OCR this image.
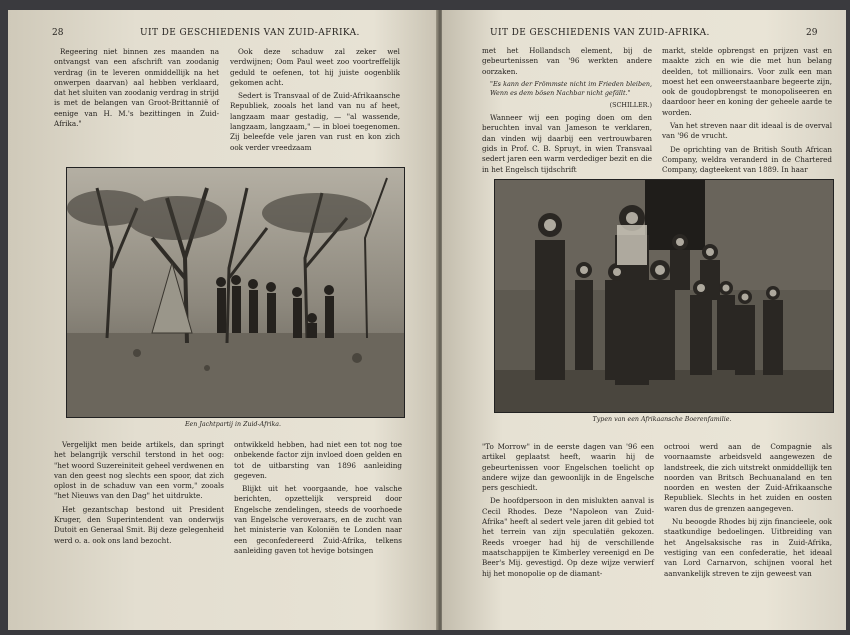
28	UIT DE GESCHIEDENIS VAN ZUID-AFRIKA.

Regeering niet binnen zes maanden na ontvangst van een afschrift van zoodanig verdrag (in te leveren onmiddellijk na het onwerpen daarvan) aal hebben verklaard, dat het sluiten van zoodanig verdrag in strijd is met de belangen van Groot-Brittannië of eenige van H. M.'s bezittingen in Zuid-Afrika."

Ook deze schaduw zal zeker wel verdwijnen; Oom Paul weet zoo voortreffelijk geduld te oefenen, tot hij juiste oogenblik gekomen acht.

Sedert is Transvaal of de Zuid-Afrikaansche Republiek, zooals het land van nu af heet, langzaam maar gestadig, — "al wassende, langzaam, langzaam," — in bloei toegenomen. Zij beleefde vele jaren van rust en kon zich ook verder vreedzaam

Een Jachtpartij in Zuid-Afrika.

Vergelijkt men beide artikels, dan springt het belangrijk verschil terstond in het oog: "het woord Suzereiniteit geheel verdwenen en van den geest nog slechts een spoor, dat zich oplost in de schaduw van een vorm," zooals "het Nieuws van den Dag" het uitdrukte.

Het gezantschap bestond uit President Kruger, den Superintendent van onderwijs Dutoit en Generaal Smit. Bij deze gelegenheid werd o. a. ook ons land bezocht.

ontwikkeld hebben, had niet een tot nog toe onbekende factor zijn invloed doen gelden en tot de uitbarsting van 1896 aanleiding gegeven.

Blijkt uit het voorgaande, hoe valsche berichten, opzettelijk verspreid door Engelsche zendelingen, steeds de voorhoede van Engelsche veroveraars, en de zucht van het ministerie van Koloniën te Londen naar een geconfedereerd Zuid-Afrika, telkens aanleiding gaven tot hevige botsingen

UIT DE GESCHIEDENIS VAN ZUID-AFRIKA.	29

met het Hollandsch element, bij de gebeurtenissen van '96 werkten andere oorzaken.

"Es kann der Frömmste nicht im Frieden bleiben, Wenn es dem bösen Nachbar nicht gefällt."
(SCHILLER.)

Wanneer wij een poging doen om den beruchten inval van Jameson te verklaren, dan vinden wij daarbij een vertrouwbaren gids in Prof. C. B. Spruyt, in wien Transvaal sedert jaren een warm verdediger bezit en die in het Engelsch tijdschrift

markt, stelde opbrengst en prijzen vast en maakte zich en wie die met hun belang deelden, tot millionairs. Voor zulk een man moest het een onweerstaanbare begeerte zijn, ook de goudopbrengst te monopoliseeren en daardoor heer en koning der geheele aarde te worden.

Van het streven naar dit ideaal is de overval van '96 de vrucht.

De oprichting van de British South African Company, weldra veranderd in de Chartered Company, dagteekent van 1889. In haar

Typen van een Afrikaansche Boerenfamilie.

"To Morrow" in de eerste dagen van '96 een artikel geplaatst heeft, waarin hij de gebeurtenissen voor Engelschen toelicht op andere wijze dan gewoonlijk in de Engelsche pers geschiedt.

De hoofdpersoon in den mislukten aanval is Cecil Rhodes. Deze "Napoleon van Zuid-Afrika" heeft al sedert vele jaren dit gebied tot het terrein van zijn speculatiën gekozen. Reeds vroeger had hij de verschillende maatschappijen te Kimberley vereenigd en De Beer's Mij. gevestigd. Op deze wijze verwierf hij het monopolie op de diamant-

octrooi werd aan de Compagnie als voornaamste arbeidsveld aangewezen de landstreek, die zich uitstrekt onmiddellijk ten noorden van Britsch Bechuanaland en ten noorden en westen der Zuid-Afrikaansche Republiek. Slechts in het zuiden en oosten waren dus de grenzen aangegeven.

Nu beoogde Rhodes bij zijn financieele, ook staatkundige bedoelingen. Uitbreiding van het Angelsaksische ras in Zuid-Afrika, vestiging van een confederatie, het ideaal van Lord Carnarvon, schijnen vooral het aanvankelijk streven te zijn geweest van
